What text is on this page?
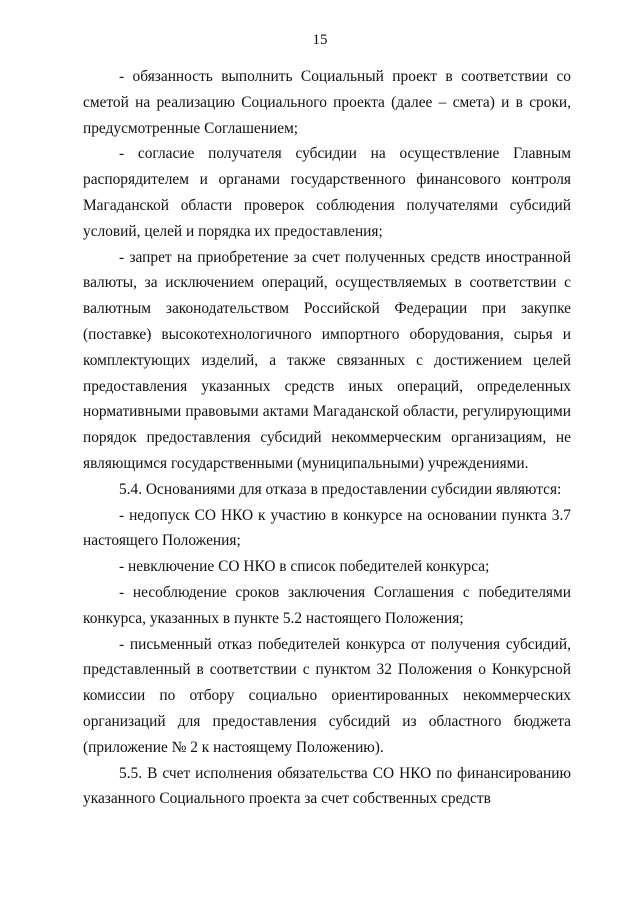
15

- обязанность выполнить Социальный проект в соответствии со сметой на реализацию Социального проекта (далее – смета) и в сроки, предусмотренные Соглашением;

- согласие получателя субсидии на осуществление Главным распорядителем и органами государственного финансового контроля Магаданской области проверок соблюдения получателями субсидий условий, целей и порядка их предоставления;

- запрет на приобретение за счет полученных средств иностранной валюты, за исключением операций, осуществляемых в соответствии с валютным законодательством Российской Федерации при закупке (поставке) высокотехнологичного импортного оборудования, сырья и комплектующих изделий, а также связанных с достижением целей предоставления указанных средств иных операций, определенных нормативными правовыми актами Магаданской области, регулирующими порядок предоставления субсидий некоммерческим организациям, не являющимся государственными (муниципальными) учреждениями.

5.4. Основаниями для отказа в предоставлении субсидии являются:

- недопуск СО НКО к участию в конкурсе на основании пункта 3.7 настоящего Положения;

- невключение СО НКО в список победителей конкурса;

- несоблюдение сроков заключения Соглашения с победителями конкурса, указанных в пункте 5.2 настоящего Положения;

- письменный отказ победителей конкурса от получения субсидий, представленный в соответствии с пунктом 32 Положения о Конкурсной комиссии по отбору социально ориентированных некоммерческих организаций для предоставления субсидий из областного бюджета (приложение № 2 к настоящему Положению).

5.5. В счет исполнения обязательства СО НКО по финансированию указанного Социального проекта за счет собственных средств
